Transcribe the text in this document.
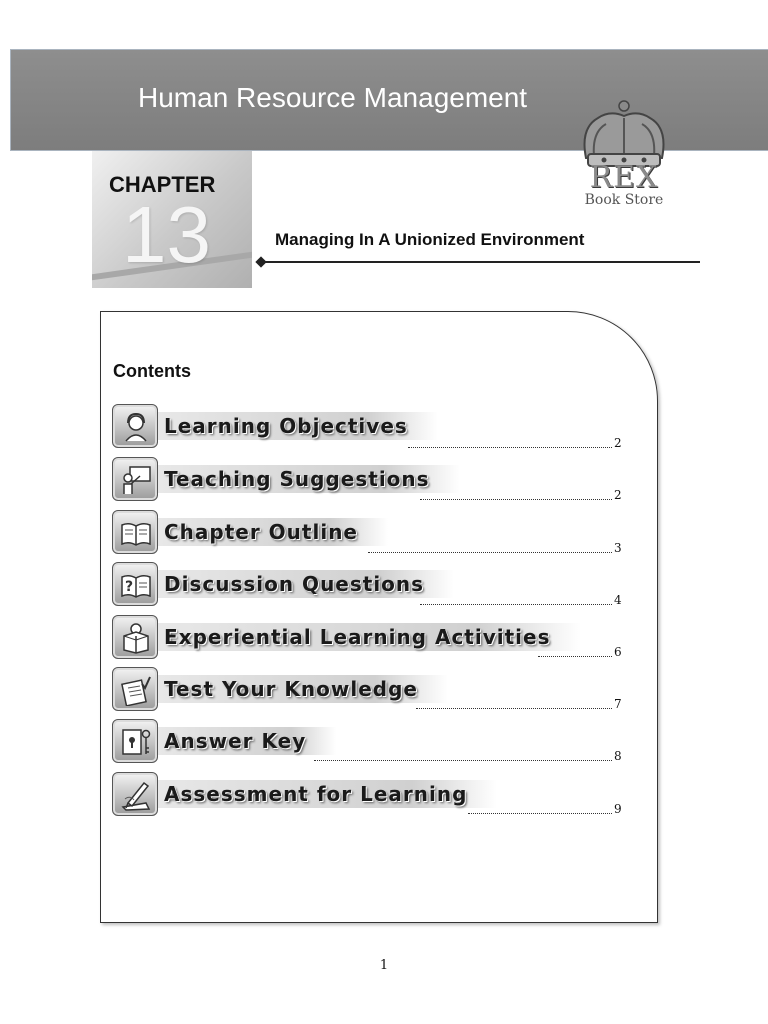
Human Resource Management
REX
Book Store
CHAPTER
13	Managing In A Unionized Environment
Contents
Learning Objectives
2
Teaching Suggestions
2
Chapter Outline
3
? Discussion Questions
4
Experiential Learning Activities
6
Test Your Knowledge
7
Answer Key
8
Assessment for Learning
9
1
